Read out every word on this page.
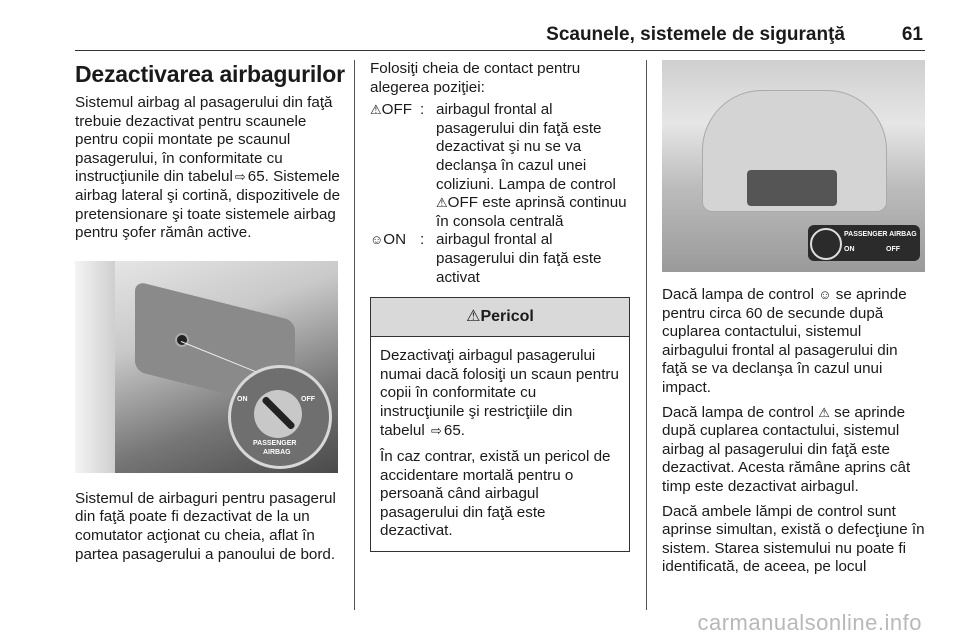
Scaunele, sistemele de siguranţă	61
Dezactivarea airbagurilor

Sistemul airbag al pasagerului din faţă trebuie dezactivat pentru scaunele pentru copii montate pe scaunul pasagerului, în conformitate cu instrucţiunile din tabelul ⇨ 65. Sistemele airbag lateral şi cortină, dispozitivele de pretensionare şi toate sistemele airbag pentru şofer rămân active.

ON	OFF
PASSENGER
AIRBAG

Sistemul de airbaguri pentru pasagerul din faţă poate fi dezactivat de la un comutator acţionat cu cheia, aflat în partea pasagerului a panoului de bord.

Folosiţi cheia de contact pentru alegerea poziţiei:

⚠OFF	:	airbagul frontal al pasagerului din faţă este dezactivat şi nu se va declanşa în cazul unei coliziuni. Lampa de control
⚠OFF este aprinsă continuu în consola centrală
☺ON	:	airbagul frontal al pasagerului din faţă este activat
⚠Pericol

Dezactivaţi airbagul pasagerului numai dacă folosiţi un scaun pentru copii în conformitate cu instrucţiunile şi restricţiile din tabelul ⇨ 65.

În caz contrar, există un pericol de accidentare mortală pentru o persoană când airbagul pasagerului din faţă este dezactivat.

PASSENGER AIRBAG
ON	OFF

Dacă lampa de control ☺ se aprinde pentru circa 60 de secunde după cuplarea contactului, sistemul airbagului frontal al pasagerului din faţă se va declanşa în cazul unui impact.

Dacă lampa de control ⚠ se aprinde după cuplarea contactului, sistemul airbag al pasagerului din faţă este dezactivat. Acesta rămâne aprins cât timp este dezactivat airbagul.

Dacă ambele lămpi de control sunt aprinse simultan, există o defecţiune în sistem. Starea sistemului nu poate fi identificată, de aceea, pe locul

carmanualsonline.info
